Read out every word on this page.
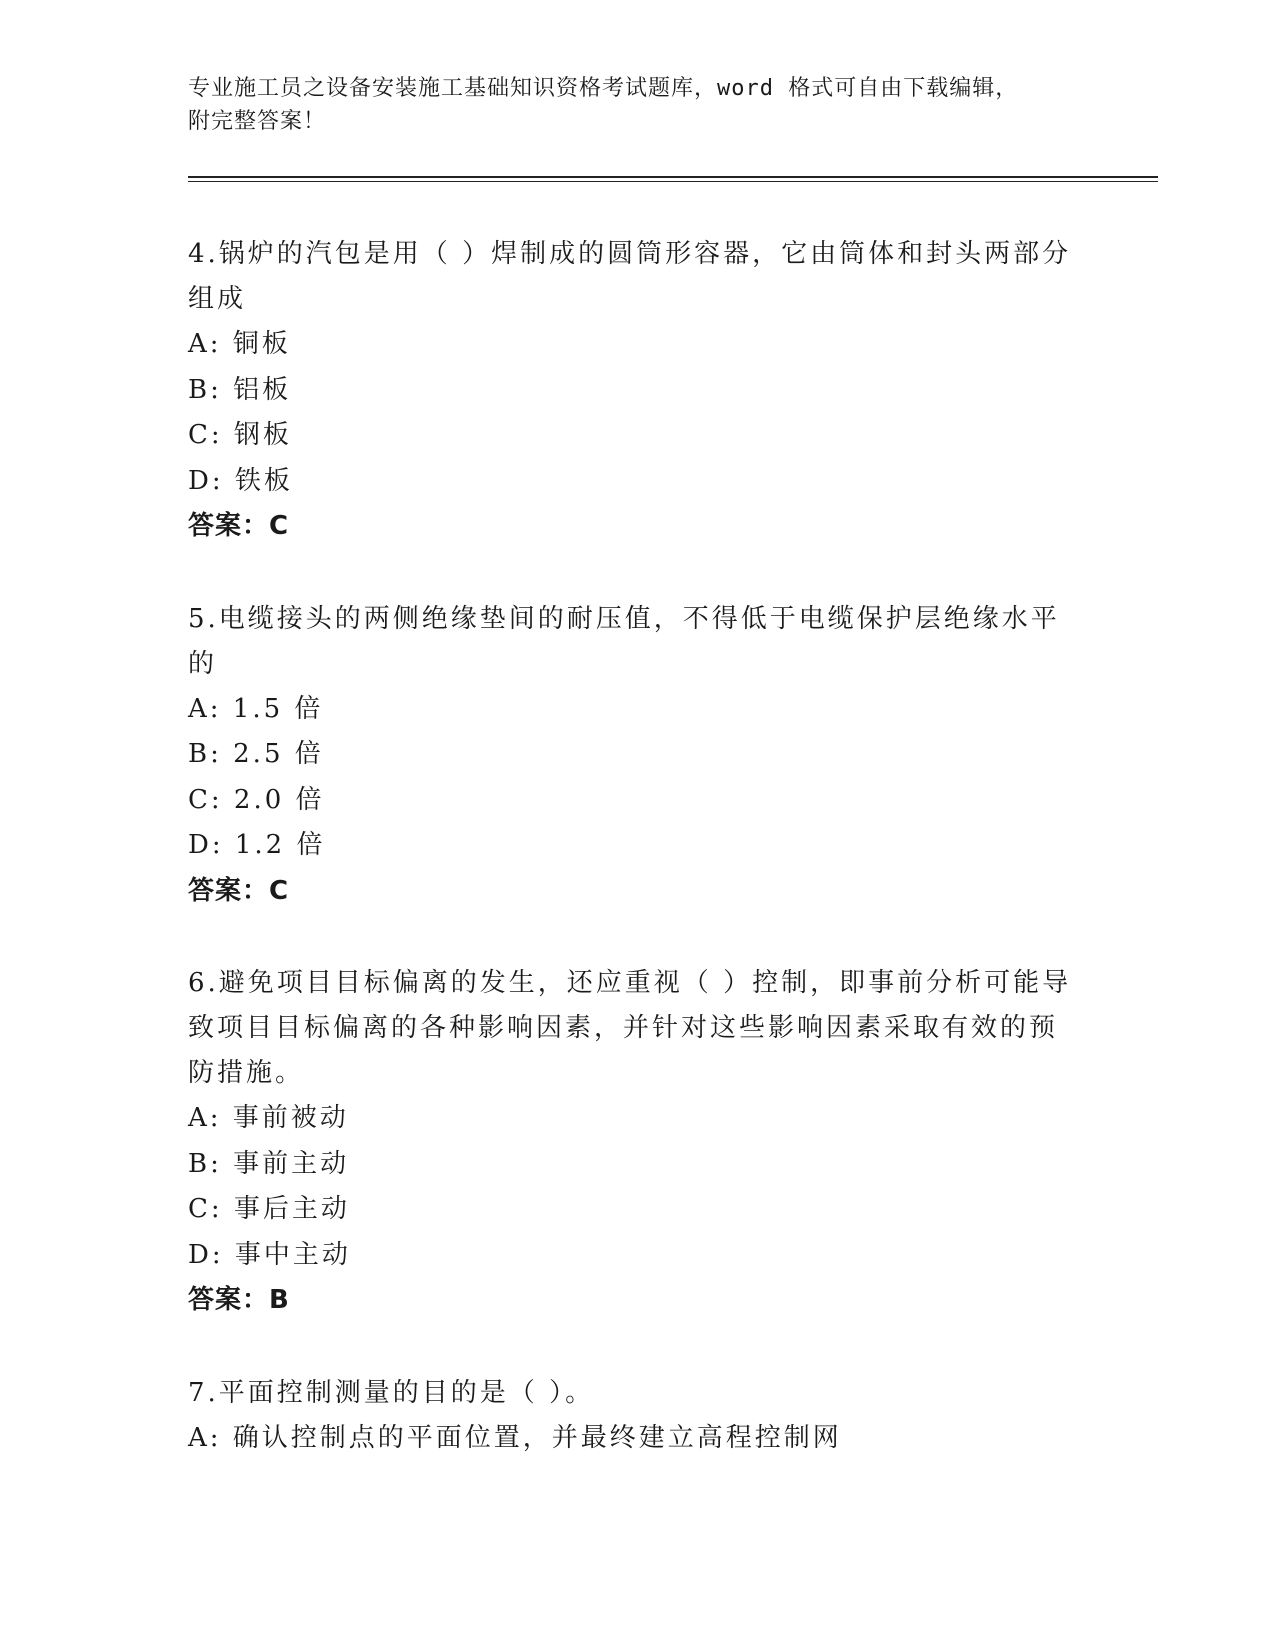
专业施工员之设备安装施工基础知识资格考试题库，word 格式可自由下载编辑，
附完整答案！
4.锅炉的汽包是用（ ）焊制成的圆筒形容器，它由筒体和封头两部分
组成
A: 铜板
B: 铝板
C: 钢板
D: 铁板
答案：C
5.电缆接头的两侧绝缘垫间的耐压值，不得低于电缆保护层绝缘水平
的
A: 1.5 倍
B: 2.5 倍
C: 2.0 倍
D: 1.2 倍
答案：C
6.避免项目目标偏离的发生，还应重视（ ）控制，即事前分析可能导
致项目目标偏离的各种影响因素，并针对这些影响因素采取有效的预
防措施。
A: 事前被动
B: 事前主动
C: 事后主动
D: 事中主动
答案：B
7.平面控制测量的目的是（ ）。
A: 确认控制点的平面位置，并最终建立高程控制网
